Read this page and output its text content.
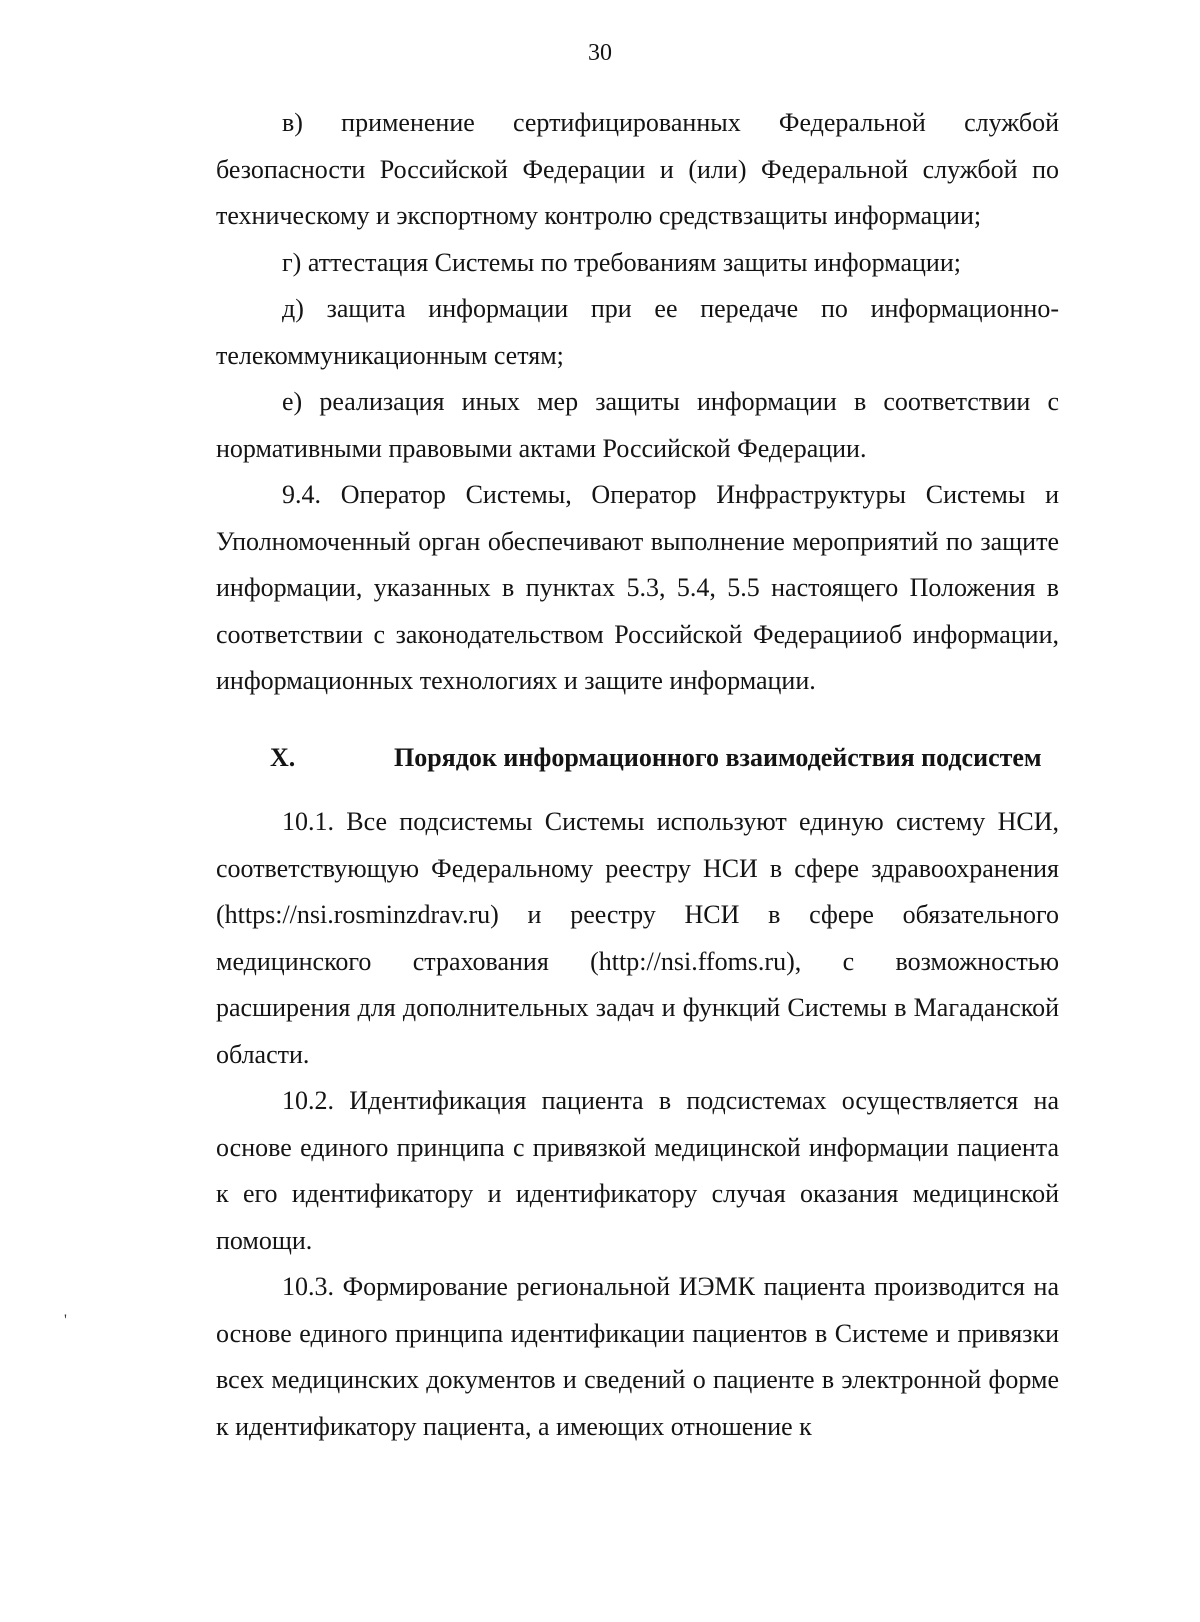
30

в) применение сертифицированных Федеральной службой безопасности Российской Федерации и (или) Федеральной службой по техническому и экспортному контролю средствзащиты информации;

г) аттестация Системы по требованиям защиты информации;

д) защита информации при ее передаче по информационно-телекоммуникационным сетям;

е) реализация иных мер защиты информации в соответствии с нормативными правовыми актами Российской Федерации.

9.4. Оператор Системы, Оператор Инфраструктуры Системы и Уполномоченный орган обеспечивают выполнение мероприятий по защите информации, указанных в пунктах 5.3, 5.4, 5.5 настоящего Положения в соответствии с законодательством Российской Федерацииоб информации, информационных технологиях и защите информации.

X.	Порядок информационного взаимодействия подсистем

10.1. Все подсистемы Системы используют единую систему НСИ, соответствующую Федеральному реестру НСИ в сфере здравоохранения (https://nsi.rosminzdrav.ru) и реестру НСИ в сфере обязательного медицинского страхования (http://nsi.ffoms.ru), с возможностью расширения для дополнительных задач и функций Системы в Магаданской области.

10.2. Идентификация пациента в подсистемах осуществляется на основе единого принципа с привязкой медицинской информации пациента к его идентификатору и идентификатору случая оказания медицинской помощи.

10.3. Формирование региональной ИЭМК пациента производится на основе единого принципа идентификации пациентов в Системе и привязки всех медицинских документов и сведений о пациенте в электронной форме к идентификатору пациента, а имеющих отношение к

'
